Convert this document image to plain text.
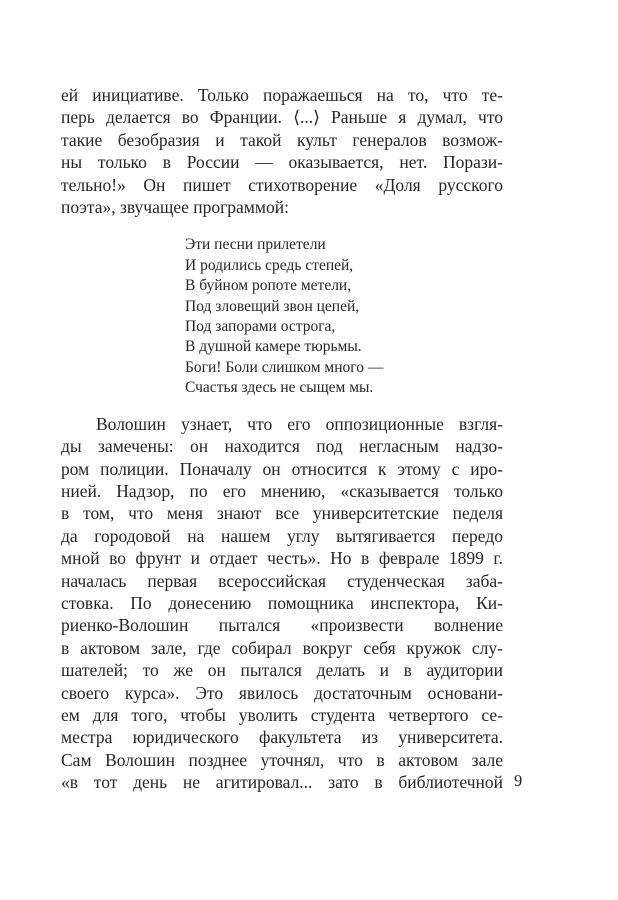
ей инициативе. Только поражаешься на то, что те-
перь делается во Франции. ⟨...⟩ Раньше я думал, что
такие безобразия и такой культ генералов возмож-
ны только в России — оказывается, нет. Порази-
тельно!» Он пишет стихотворение «Доля русского
поэта», звучащее программой:
Эти песни прилетели
И родились средь степей,
В буйном ропоте метели,
Под зловещий звон цепей,
Под запорами острога,
В душной камере тюрьмы.
Боги! Боли слишком много —
Счастья здесь не сыщем мы.
Волошин узнает, что его оппозиционные взгля-
ды замечены: он находится под негласным надзо-
ром полиции. Поначалу он относится к этому с иро-
нией. Надзор, по его мнению, «сказывается только
в том, что меня знают все университетские педеля
да городовой на нашем углу вытягивается передо
мной во фрунт и отдает честь». Но в феврале 1899 г.
началась первая всероссийская студенческая заба-
стовка. По донесению помощника инспектора, Ки-
риенко-Волошин пытался «произвести волнение
в актовом зале, где собирал вокруг себя кружок слу-
шателей; то же он пытался делать и в аудитории
своего курса». Это явилось достаточным основани-
ем для того, чтобы уволить студента четвертого се-
местра юридического факультета из университета.
Сам Волошин позднее уточнял, что в актовом зале
«в тот день не агитировал... зато в библиотечной 9
